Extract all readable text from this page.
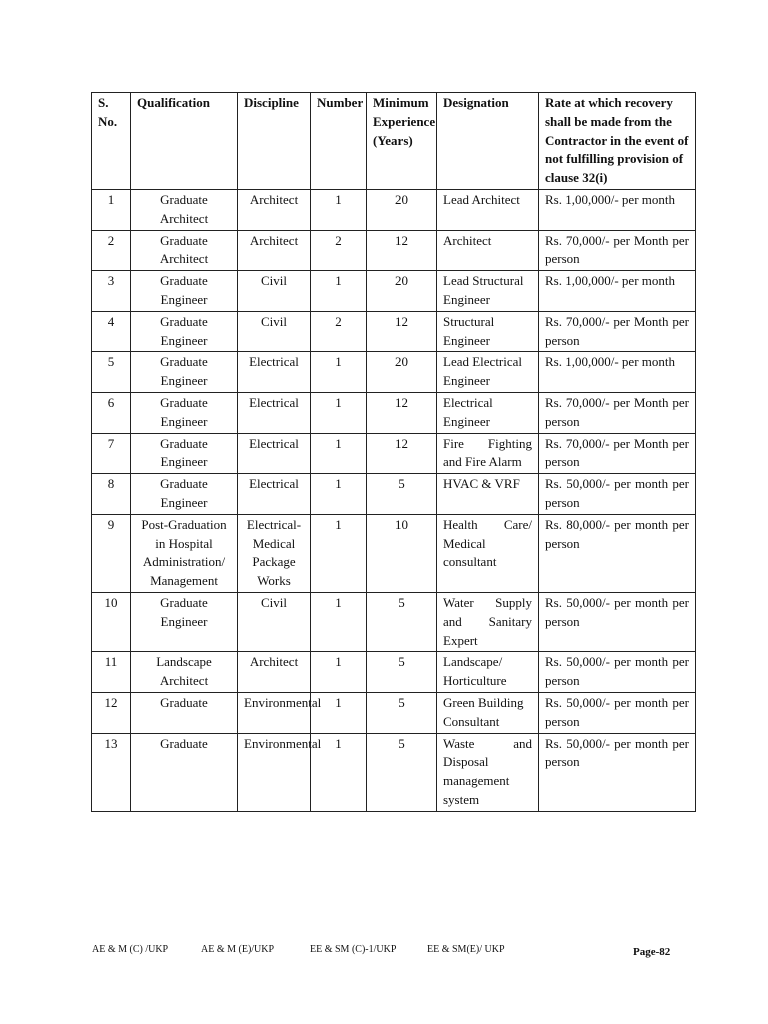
S. No.	Qualification	Discipline	Number	Minimum Experience (Years)	Designation	Rate at which recovery shall be made from the Contractor in the event of not fulfilling provision of clause 32(i)
1	Graduate Architect	Architect	1	20	Lead Architect	Rs. 1,00,000/- per month
2	Graduate Architect	Architect	2	12	Architect	Rs. 70,000/- per Month per person
3	Graduate Engineer	Civil	1	20	Lead Structural Engineer	Rs. 1,00,000/- per month
4	Graduate Engineer	Civil	2	12	Structural Engineer	Rs. 70,000/- per Month per person
5	Graduate Engineer	Electrical	1	20	Lead Electrical Engineer	Rs. 1,00,000/- per month
6	Graduate Engineer	Electrical	1	12	Electrical Engineer	Rs. 70,000/- per Month per person
7	Graduate Engineer	Electrical	1	12	Fire Fighting and Fire Alarm	Rs. 70,000/- per Month per person
8	Graduate Engineer	Electrical	1	5	HVAC & VRF	Rs. 50,000/- per month per person
9	Post-Graduation in Hospital Administration/ Management	Electrical-Medical Package Works	1	10	Health Care/ Medical consultant	Rs. 80,000/- per month per person
10	Graduate Engineer	Civil	1	5	Water Supply and Sanitary Expert	Rs. 50,000/- per month per person
11	Landscape Architect	Architect	1	5	Landscape/ Horticulture	Rs. 50,000/- per month per person
12	Graduate	Environmental	1	5	Green Building Consultant	Rs. 50,000/- per month per person
13	Graduate	Environmental	1	5	Waste and Disposal management system	Rs. 50,000/- per month per person
AE & M (C) /UKP	AE & M (E)/UKP	EE & SM (C)-1/UKP	EE & SM(E)/ UKP	Page-82
